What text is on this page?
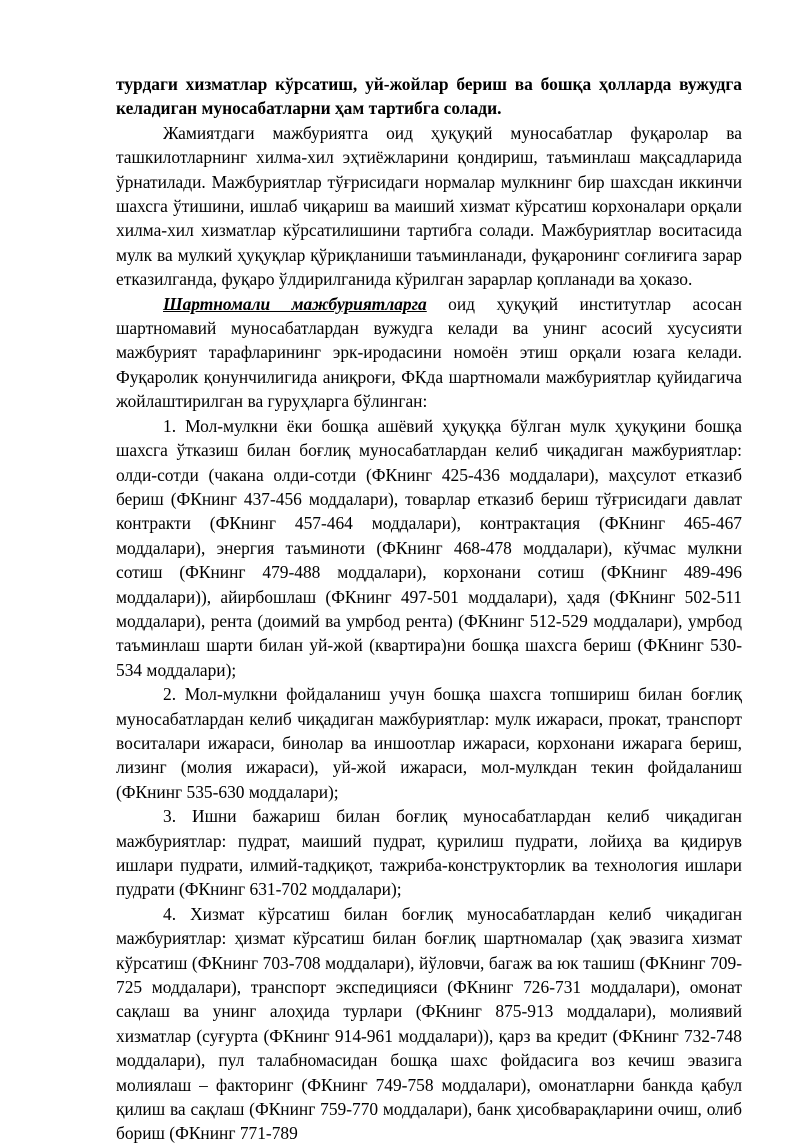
турдаги хизматлар кўрсатиш, уй-жойлар бериш ва бошқа ҳолларда вужудга келадиган муносабатларни ҳам тартибга солади.

Жамиятдаги мажбуриятга оид ҳуқуқий муносабатлар фуқаролар ва ташкилотларнинг хилма-хил эҳтиёжларини қондириш, таъминлаш мақсадларида ўрнатилади. Мажбуриятлар тўғрисидаги нормалар мулкнинг бир шахсдан иккинчи шахсга ўтишини, ишлаб чиқариш ва маиший хизмат кўрсатиш корхоналари орқали хилма-хил хизматлар кўрсатилишини тартибга солади. Мажбуриятлар воситасида мулк ва мулкий ҳуқуқлар қўриқланиши таъминланади, фуқаронинг соғлиғига зарар етказилганда, фуқаро ўлдирилганида кўрилган зарарлар қопланади ва ҳоказо.

Шартномали мажбуриятларга оид ҳуқуқий институтлар асосан шартномавий муносабатлардан вужудга келади ва унинг асосий хусусияти мажбурият тарафларининг эрк-иродасини номоён этиш орқали юзага келади. Фуқаролик қонунчилигида аниқроғи, ФКда шартномали мажбуриятлар қуйидагича жойлаштирилган ва гуруҳларга бўлинган:

1. Мол-мулкни ёки бошқа ашёвий ҳуқуққа бўлган мулк ҳуқуқини бошқа шахсга ўтказиш билан боғлиқ муносабатлардан келиб чиқадиган мажбуриятлар: олди-сотди (чакана олди-сотди (ФКнинг 425-436 моддалари), маҳсулот етказиб бериш (ФКнинг 437-456 моддалари), товарлар етказиб бериш тўғрисидаги давлат контракти (ФКнинг 457-464 моддалари), контрактация (ФКнинг 465-467 моддалари), энергия таъминоти (ФКнинг 468-478 моддалари), кўчмас мулкни сотиш (ФКнинг 479-488 моддалари), корхонани сотиш (ФКнинг 489-496 моддалари)), айирбошлаш (ФКнинг 497-501 моддалари), ҳадя (ФКнинг 502-511 моддалари), рента (доимий ва умрбод рента) (ФКнинг 512-529 моддалари), умрбод таъминлаш шарти билан уй-жой (квартира)ни бошқа шахсга бериш (ФКнинг 530-534 моддалари);

2. Мол-мулкни фойдаланиш учун бошқа шахсга топшириш билан боғлиқ муносабатлардан келиб чиқадиган мажбуриятлар: мулк ижараси, прокат, транспорт воситалари ижараси, бинолар ва иншоотлар ижараси, корхонани ижарага бериш, лизинг (молия ижараси), уй-жой ижараси, мол-мулкдан текин фойдаланиш (ФКнинг 535-630 моддалари);

3. Ишни бажариш билан боғлиқ муносабатлардан келиб чиқадиган мажбуриятлар: пудрат, маиший пудрат, қурилиш пудрати, лойиҳа ва қидирув ишлари пудрати, илмий-тадқиқот, тажриба-конструкторлик ва технология ишлари пудрати (ФКнинг 631-702 моддалари);

4. Хизмат кўрсатиш билан боғлиқ муносабатлардан келиб чиқадиган мажбуриятлар: ҳизмат кўрсатиш билан боғлиқ шартномалар (ҳақ эвазига хизмат кўрсатиш (ФКнинг 703-708 моддалари), йўловчи, багаж ва юк ташиш (ФКнинг 709-725 моддалари), транспорт экспедицияси (ФКнинг 726-731 моддалари), омонат сақлаш ва унинг алоҳида турлари (ФКнинг 875-913 моддалари), молиявий хизматлар (суғурта (ФКнинг 914-961 моддалари)), қарз ва кредит (ФКнинг 732-748 моддалари), пул талабномасидан бошқа шахс фойдасига воз кечиш эвазига молиялаш – факторинг (ФКнинг 749-758 моддалари), омонатларни банкда қабул қилиш ва сақлаш (ФКнинг 759-770 моддалари), банк ҳисобварақларини очиш, олиб бориш (ФКнинг 771-789
